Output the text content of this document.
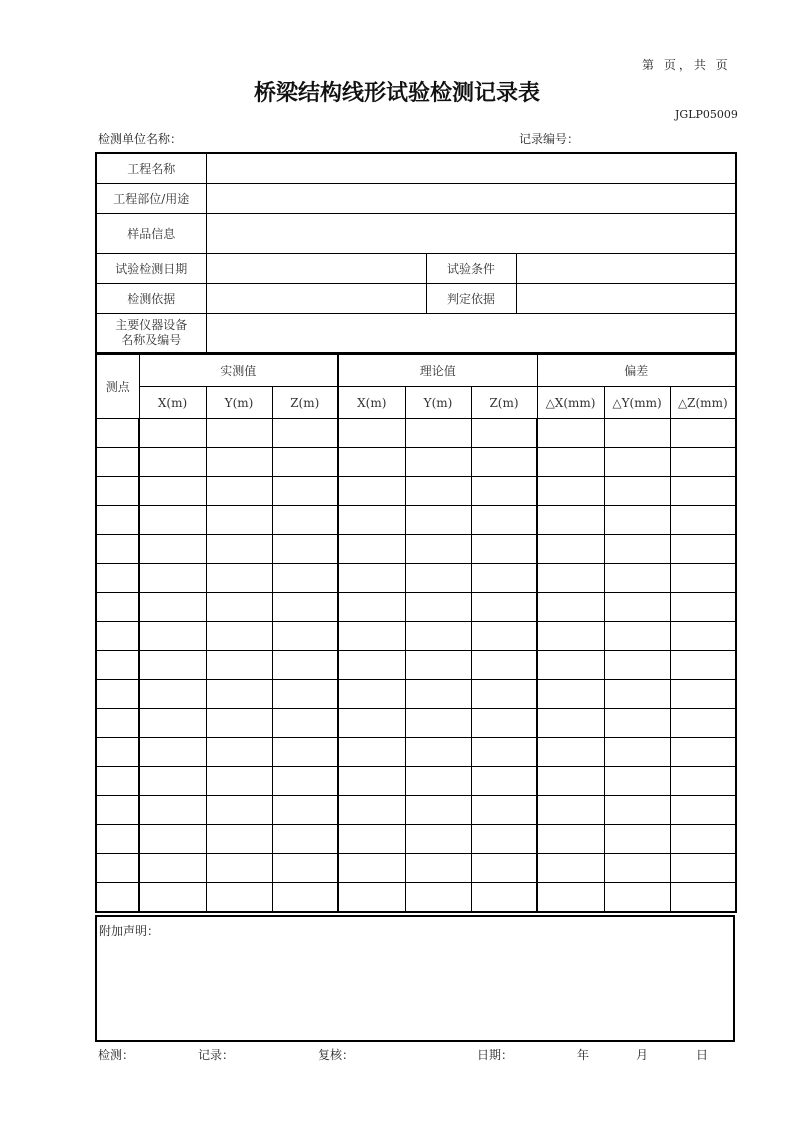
第 页，共 页
桥梁结构线形试验检测记录表
JGLP05009
检测单位名称：	记录编号：
工程名称			
工程部位/用途			
样品信息			
试验检测日期		试验条件	
检测依据		判定依据	

主要仪器设备
名称及编号			

测点	实测值			理论值			偏差		
	X(m)	Y(m)	Z(m)	X(m)	Y(m)	Z(m)	△X(mm)	△Y(mm)	△Z(mm)

附加声明：
检测：	记录：	复核：	日期：	年	月	日
